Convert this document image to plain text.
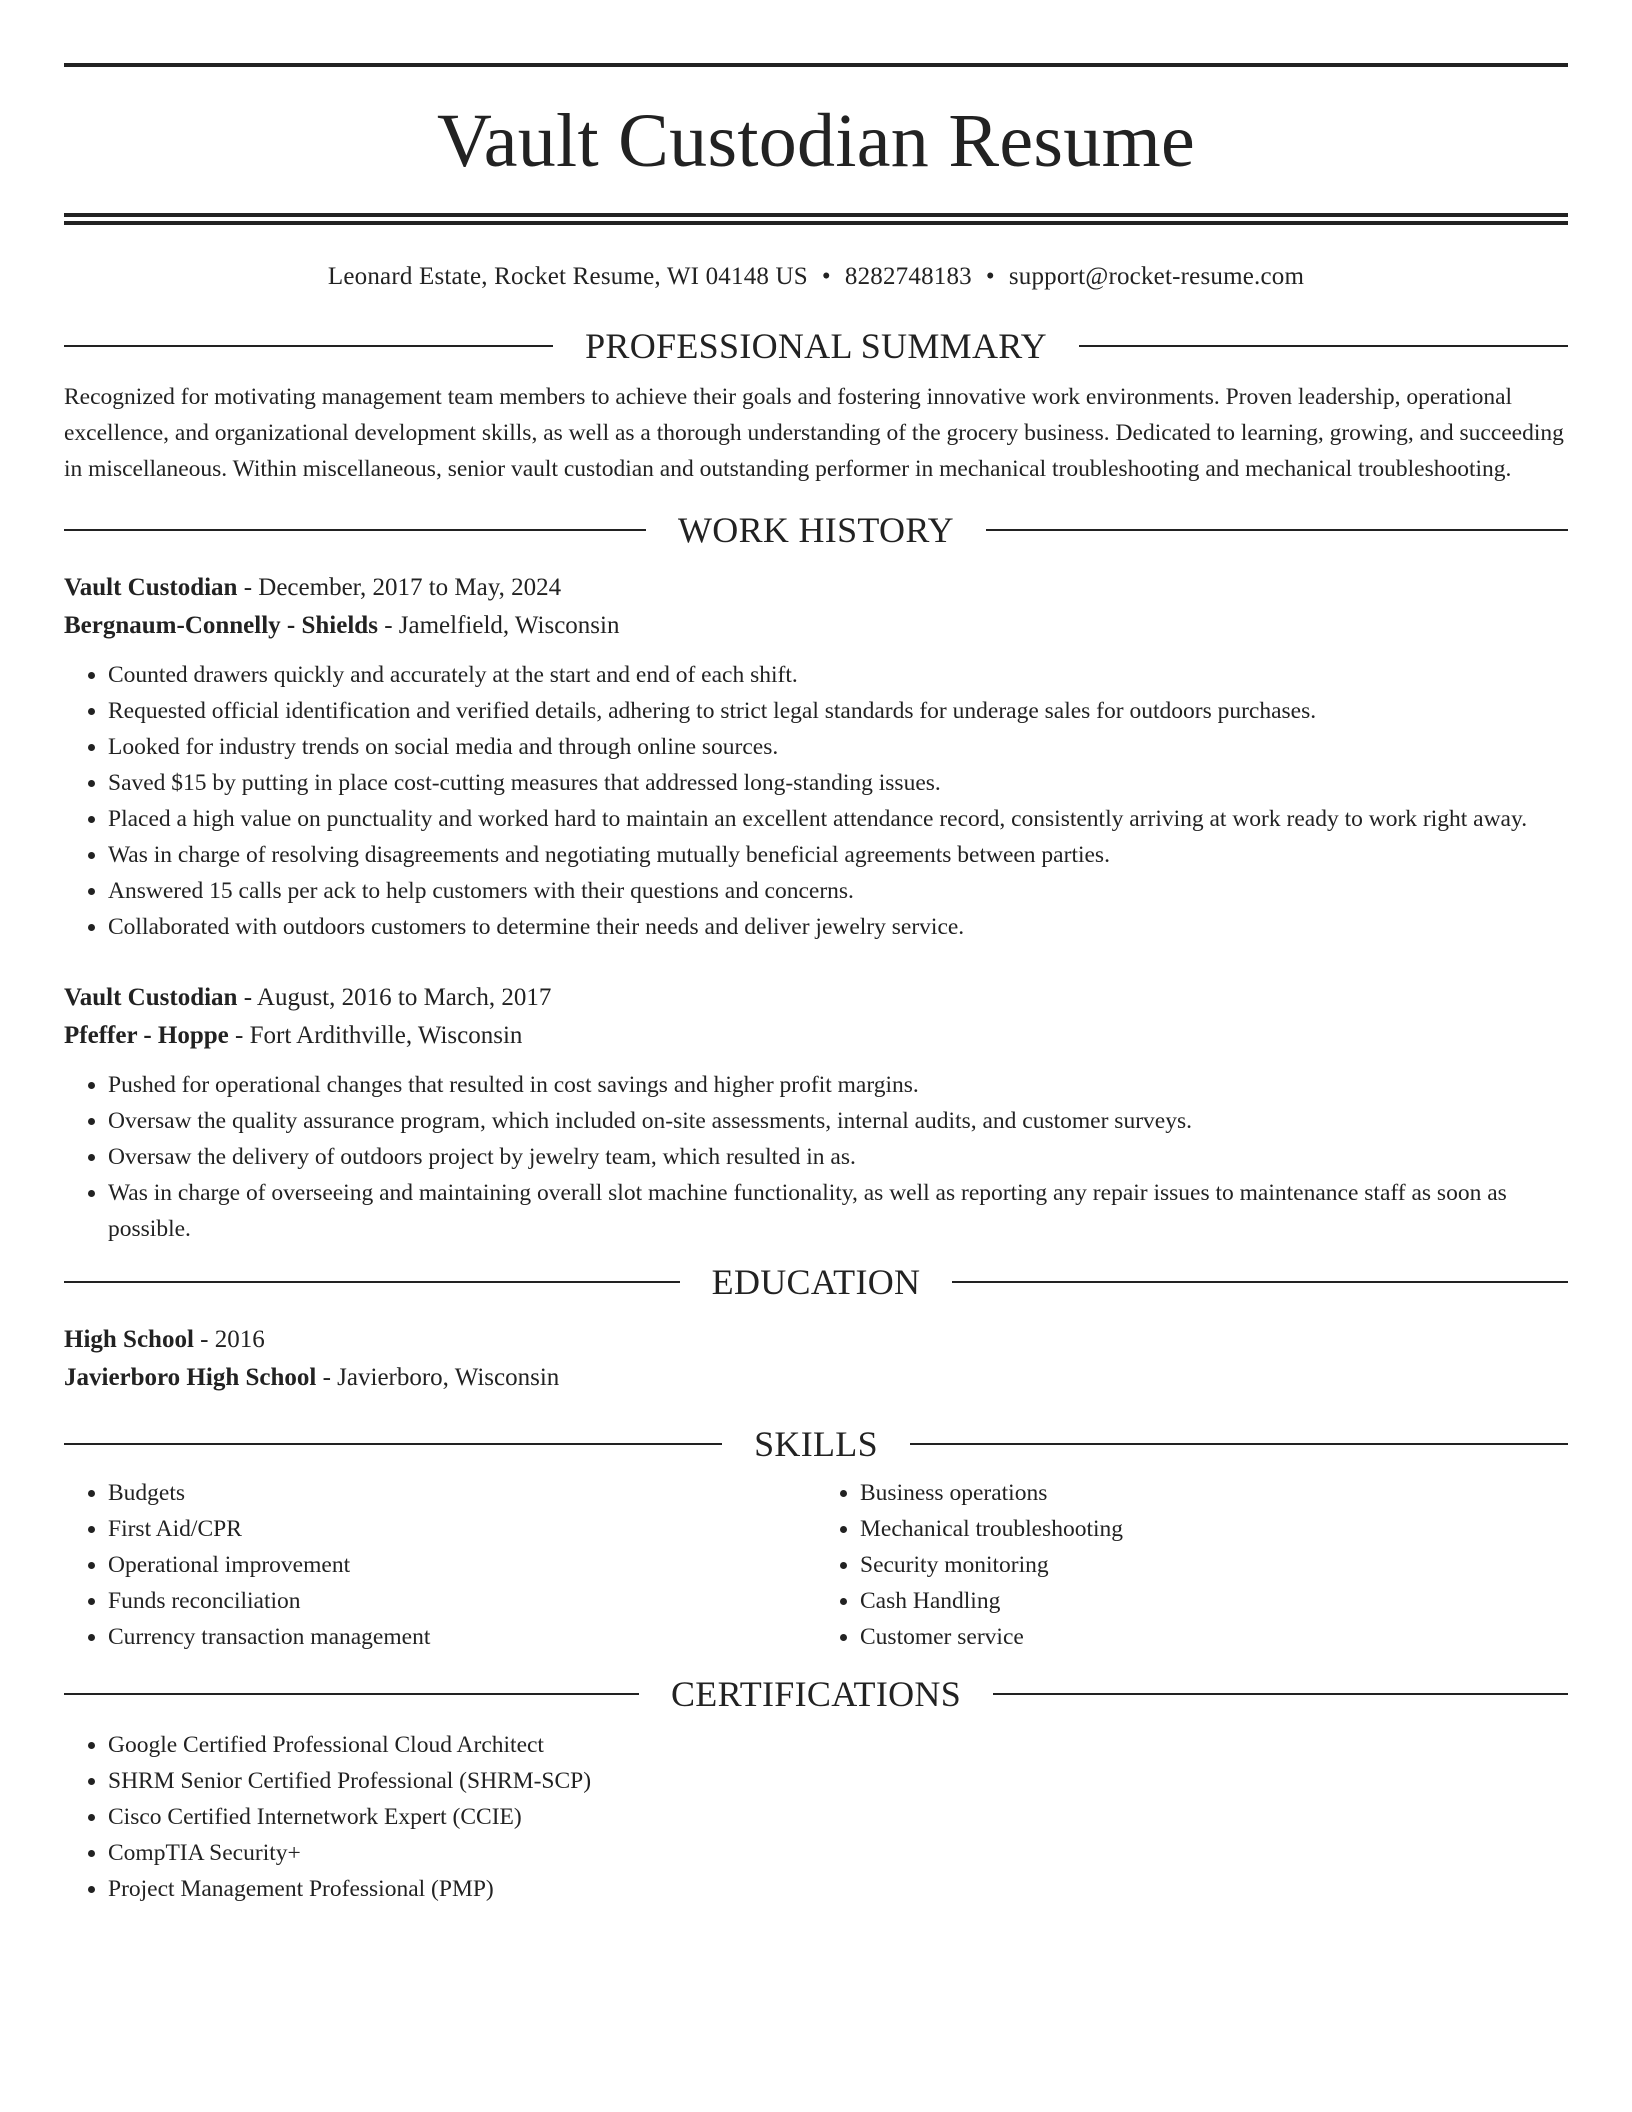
Vault Custodian Resume
Leonard Estate, Rocket Resume, WI 04148 US • 8282748183 • support@rocket-resume.com
PROFESSIONAL SUMMARY

Recognized for motivating management team members to achieve their goals and fostering innovative work environments. Proven leadership, operational excellence, and organizational development skills, as well as a thorough understanding of the grocery business. Dedicated to learning, growing, and succeeding in miscellaneous. Within miscellaneous, senior vault custodian and outstanding performer in mechanical troubleshooting and mechanical troubleshooting.

WORK HISTORY
Vault Custodian - December, 2017 to May, 2024
Bergnaum-Connelly - Shields - Jamelfield, Wisconsin
• Counted drawers quickly and accurately at the start and end of each shift.
• Requested official identification and verified details, adhering to strict legal standards for underage sales for outdoors purchases.
• Looked for industry trends on social media and through online sources.
• Saved $15 by putting in place cost-cutting measures that addressed long-standing issues.
• Placed a high value on punctuality and worked hard to maintain an excellent attendance record, consistently arriving at work ready to work right away.
• Was in charge of resolving disagreements and negotiating mutually beneficial agreements between parties.
• Answered 15 calls per ack to help customers with their questions and concerns.
• Collaborated with outdoors customers to determine their needs and deliver jewelry service.
Vault Custodian - August, 2016 to March, 2017
Pfeffer - Hoppe - Fort Ardithville, Wisconsin
• Pushed for operational changes that resulted in cost savings and higher profit margins.
• Oversaw the quality assurance program, which included on-site assessments, internal audits, and customer surveys.
• Oversaw the delivery of outdoors project by jewelry team, which resulted in as.
• Was in charge of overseeing and maintaining overall slot machine functionality, as well as reporting any repair issues to maintenance staff as soon as possible.
EDUCATION
High School - 2016
Javierboro High School - Javierboro, Wisconsin
SKILLS
• Budgets
• First Aid/CPR
• Operational improvement
• Funds reconciliation
• Currency transaction management
• Business operations
• Mechanical troubleshooting
• Security monitoring
• Cash Handling
• Customer service
CERTIFICATIONS
• Google Certified Professional Cloud Architect
• SHRM Senior Certified Professional (SHRM-SCP)
• Cisco Certified Internetwork Expert (CCIE)
• CompTIA Security+
• Project Management Professional (PMP)
